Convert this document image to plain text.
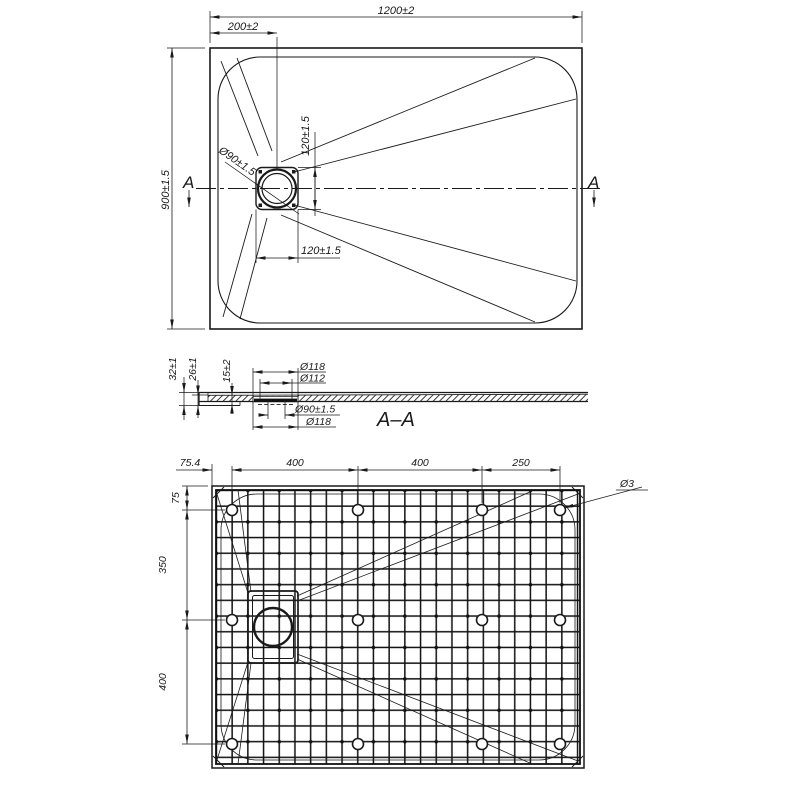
1200±2
200±2
900±1.5
Ø90±1.5
120±1.5
120±1.5
A	A
32±1 26±1 15±2	Ø118
Ø112
Ø90±1.5
Ø118 A–A
75.4	400	400	250
75
350
400
Ø3
